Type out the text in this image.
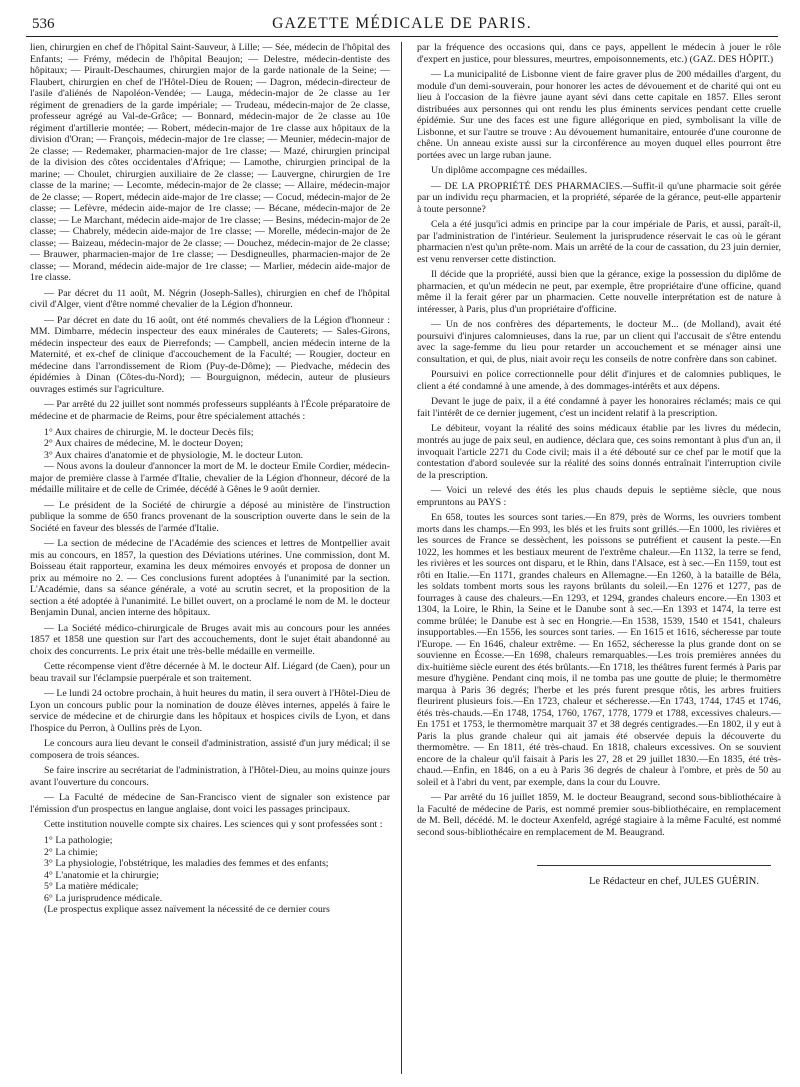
536	GAZETTE MÉDICALE DE PARIS.

lien, chirurgien en chef de l'hôpital Saint-Sauveur, à Lille; — Sée, médecin de l'hôpital des Enfants; — Frémy, médecin de l'hôpital Beaujon; — Delestre, médecin-dentiste des hôpitaux; — Pirault-Deschaumes, chirurgien major de la garde nationale de la Seine; — Flaubert, chirurgien en chef de l'Hôtel-Dieu de Rouen; — Dagron, médecin-directeur de l'asile d'aliénés de Napoléon-Vendée; — Lauga, médecin-major de 2e classe au 1er régiment de grenadiers de la garde impériale; — Trudeau, médecin-major de 2e classe, professeur agrégé au Val-de-Grâce; — Bonnard, médecin-major de 2e classe au 10e régiment d'artillerie montée; — Robert, médecin-major de 1re classe aux hôpitaux de la division d'Oran; — François, médecin-major de 1re classe; — Meunier, médecin-major de 2e classe; — Redemaker, pharmacien-major de 1re classe; — Mazé, chirurgien principal de la division des côtes occidentales d'Afrique; — Lamothe, chirurgien principal de la marine; — Choulet, chirurgien auxiliaire de 2e classe; — Lauvergne, chirurgien de 1re classe de la marine; — Lecomte, médecin-major de 2e classe; — Allaire, médecin-major de 2e classe; — Ropert, médecin aide-major de 1re classe; — Cocud, médecin-major de 2e classe; — Lefèvre, médecin aide-major de 1re classe; — Bécane, médecin-major de 2e classe; — Le Marchant, médecin aide-major de 1re classe; — Besins, médecin-major de 2e classe; — Chabrely, médecin aide-major de 1re classe; — Morelle, médecin-major de 2e classe; — Baizeau, médecin-major de 2e classe; — Douchez, médecin-major de 2e classe; — Brauwer, pharmacien-major de 1re classe; — Desdigneulles, pharmacien-major de 2e classe; — Morand, médecin aide-major de 1re classe; — Marlier, médecin aide-major de 1re classe.

— Par décret du 11 août, M. Négrin (Joseph-Salles), chirurgien en chef de l'hôpital civil d'Alger, vient d'être nommé chevalier de la Légion d'honneur.

— Par décret en date du 16 août, ont été nommés chevaliers de la Légion d'honneur : MM. Dimbarre, médecin inspecteur des eaux minérales de Cauterets; — Sales-Girons, médecin inspecteur des eaux de Pierrefonds; — Campbell, ancien médecin interne de la Maternité, et ex-chef de clinique d'accouchement de la Faculté; — Rougier, docteur en médecine dans l'arrondissement de Riom (Puy-de-Dôme); — Piedvache, médecin des épidémies à Dinan (Côtes-du-Nord); — Bourguignon, médecin, auteur de plusieurs ouvrages estimés sur l'agriculture.

— Par arrêté du 22 juillet sont nommés professeurs suppléants à l'École préparatoire de médecine et de pharmacie de Reims, pour être spécialement attachés :

1° Aux chaires de chirurgie, M. le docteur Decès fils;
2° Aux chaires de médecine, M. le docteur Doyen;
3° Aux chaires d'anatomie et de physiologie, M. le docteur Luton.

— Nous avons la douleur d'annoncer la mort de M. le docteur Emile Cordier, médecin-major de première classe à l'armée d'Italie, chevalier de la Légion d'honneur, décoré de la médaille militaire et de celle de Crimée, décédé à Gênes le 9 août dernier.

— Le président de la Société de chirurgie a déposé au ministère de l'instruction publique la somme de 650 francs provenant de la souscription ouverte dans le sein de la Société en faveur des blessés de l'armée d'Italie.

— La section de médecine de l'Académie des sciences et lettres de Montpellier avait mis au concours, en 1857, la question des Déviations utérines. Une commission, dont M. Boisseau était rapporteur, examina les deux mémoires envoyés et proposa de donner un prix au mémoire no 2. — Ces conclusions furent adoptées à l'unanimité par la section. L'Académie, dans sa séance générale, a voté au scrutin secret, et la proposition de la section a été adoptée à l'unanimité. Le billet ouvert, on a proclamé le nom de M. le docteur Benjamin Dunal, ancien interne des hôpitaux.

— La Société médico-chirurgicale de Bruges avait mis au concours pour les années 1857 et 1858 une question sur l'art des accouchements, dont le sujet était abandonné au choix des concurrents. Le prix était une très-belle médaille en vermeille.

Cette récompense vient d'être décernée à M. le docteur Alf. Liégard (de Caen), pour un beau travail sur l'éclampsie puerpérale et son traitement.

— Le lundi 24 octobre prochain, à huit heures du matin, il sera ouvert à l'Hôtel-Dieu de Lyon un concours public pour la nomination de douze élèves internes, appelés à faire le service de médecine et de chirurgie dans les hôpitaux et hospices civils de Lyon, et dans l'hospice du Perron, à Oullins près de Lyon.

Le concours aura lieu devant le conseil d'administration, assisté d'un jury médical; il se composera de trois séances.

Se faire inscrire au secrétariat de l'administration, à l'Hôtel-Dieu, au moins quinze jours avant l'ouverture du concours.

— La Faculté de médecine de San-Francisco vient de signaler son existence par l'émission d'un prospectus en langue anglaise, dont voici les passages principaux.

Cette institution nouvelle compte six chaires. Les sciences qui y sont professées sont :

1° La pathologie;
2° La chimie;
3° La physiologie, l'obstétrique, les maladies des femmes et des enfants;
4° L'anatomie et la chirurgie;
5° La matière médicale;
6° La jurisprudence médicale.

(Le prospectus explique assez naïvement la nécessité de ce dernier cours

par la fréquence des occasions qui, dans ce pays, appellent le médecin à jouer le rôle d'expert en justice, pour blessures, meurtres, empoisonnements, etc.) (GAZ. DES HÔPIT.)

— La municipalité de Lisbonne vient de faire graver plus de 200 médailles d'argent, du module d'un demi-souverain, pour honorer les actes de dévouement et de charité qui ont eu lieu à l'occasion de la fièvre jaune ayant sévi dans cette capitale en 1857. Elles seront distribuées aux personnes qui ont rendu les plus éminents services pendant cette cruelle épidémie. Sur une des faces est une figure allégorique en pied, symbolisant la ville de Lisbonne, et sur l'autre se trouve : Au dévouement humanitaire, entourée d'une couronne de chêne. Un anneau existe aussi sur la circonférence au moyen duquel elles pourront être portées avec un large ruban jaune.

Un diplôme accompagne ces médailles.

— DE LA PROPRIÉTÉ DES PHARMACIES.—Suffit-il qu'une pharmacie soit gérée par un individu reçu pharmacien, et la propriété, séparée de la gérance, peut-elle appartenir à toute personne?

Cela a été jusqu'ici admis en principe par la cour impériale de Paris, et aussi, paraît-il, par l'administration de l'intérieur. Seulement la jurisprudence réservait le cas où le gérant pharmacien n'est qu'un prête-nom. Mais un arrêté de la cour de cassation, du 23 juin dernier, est venu renverser cette distinction.

Il décide que la propriété, aussi bien que la gérance, exige la possession du diplôme de pharmacien, et qu'un médecin ne peut, par exemple, être propriétaire d'une officine, quand même il la ferait gérer par un pharmacien. Cette nouvelle interprétation est de nature à intéresser, à Paris, plus d'un propriétaire d'officine.

— Un de nos confrères des départements, le docteur M... (de Molland), avait été poursuivi d'injures calomnieuses, dans la rue, par un client qui l'accusait de s'être entendu avec la sage-femme du lieu pour retarder un accouchement et se ménager ainsi une consultation, et qui, de plus, niait avoir reçu les conseils de notre confrère dans son cabinet.

Poursuivi en police correctionnelle pour délit d'injures et de calomnies publiques, le client a été condamné à une amende, à des dommages-intérêts et aux dépens.

Devant le juge de paix, il a été condamné à payer les honoraires réclamés; mais ce qui fait l'intérêt de ce dernier jugement, c'est un incident relatif à la prescription.

Le débiteur, voyant la réalité des soins médicaux établie par les livres du médecin, montrés au juge de paix seul, en audience, déclara que, ces soins remontant à plus d'un an, il invoquait l'article 2271 du Code civil; mais il a été débouté sur ce chef par le motif que la contestation d'abord soulevée sur la réalité des soins donnés entraînait l'interruption civile de la prescription.

— Voici un relevé des étés les plus chauds depuis le septième siècle, que nous empruntons au PAYS :

En 658, toutes les sources sont taries.—En 879, près de Worms, les ouvriers tombent morts dans les champs.—En 993, les blés et les fruits sont grillés.—En 1000, les rivières et les sources de France se dessèchent, les poissons se putréfient et causent la peste.—En 1022, les hommes et les bestiaux meurent de l'extrême chaleur.—En 1132, la terre se fend, les rivières et les sources ont disparu, et le Rhin, dans l'Alsace, est à sec.—En 1159, tout est rôti en Italie.—En 1171, grandes chaleurs en Allemagne.—En 1260, à la bataille de Béla, les soldats tombent morts sous les rayons brûlants du soleil.—En 1276 et 1277, pas de fourrages à cause des chaleurs.—En 1293, et 1294, grandes chaleurs encore.—En 1303 et 1304, la Loire, le Rhin, la Seine et le Danube sont à sec.—En 1393 et 1474, la terre est comme brûlée; le Danube est à sec en Hongrie.—En 1538, 1539, 1540 et 1541, chaleurs insupportables.—En 1556, les sources sont taries. — En 1615 et 1616, sécheresse par toute l'Europe. — En 1646, chaleur extrême. — En 1652, sécheresse la plus grande dont on se souvienne en Écosse.—En 1698, chaleurs remarquables.—Les trois premières années du dix-huitième siècle eurent des étés brûlants.—En 1718, les théâtres furent fermés à Paris par mesure d'hygiène. Pendant cinq mois, il ne tomba pas une goutte de pluie; le thermomètre marqua à Paris 36 degrés; l'herbe et les prés furent presque rôtis, les arbres fruitiers fleurirent plusieurs fois.—En 1723, chaleur et sécheresse.—En 1743, 1744, 1745 et 1746, étés très-chauds.—En 1748, 1754, 1760, 1767, 1778, 1779 et 1788, excessives chaleurs.—En 1751 et 1753, le thermomètre marquait 37 et 38 degrés centigrades.—En 1802, il y eut à Paris la plus grande chaleur qui ait jamais été observée depuis la découverte du thermomètre. — En 1811, été très-chaud. En 1818, chaleurs excessives. On se souvient encore de la chaleur qu'il faisait à Paris les 27, 28 et 29 juillet 1830.—En 1835, été très-chaud.—Enfin, en 1846, on a eu à Paris 36 degrés de chaleur à l'ombre, et près de 50 au soleil et à l'abri du vent, par exemple, dans la cour du Louvre.

— Par arrêté du 16 juillet 1859, M. le docteur Beaugrand, second sous-bibliothécaire à la Faculté de médecine de Paris, est nommé premier sous-bibliothécaire, en remplacement de M. Bell, décédé. M. le docteur Axenfeld, agrégé stagiaire à la même Faculté, est nommé second sous-bibliothécaire en remplacement de M. Beaugrand.

Le Rédacteur en chef, JULES GUÉRIN.
